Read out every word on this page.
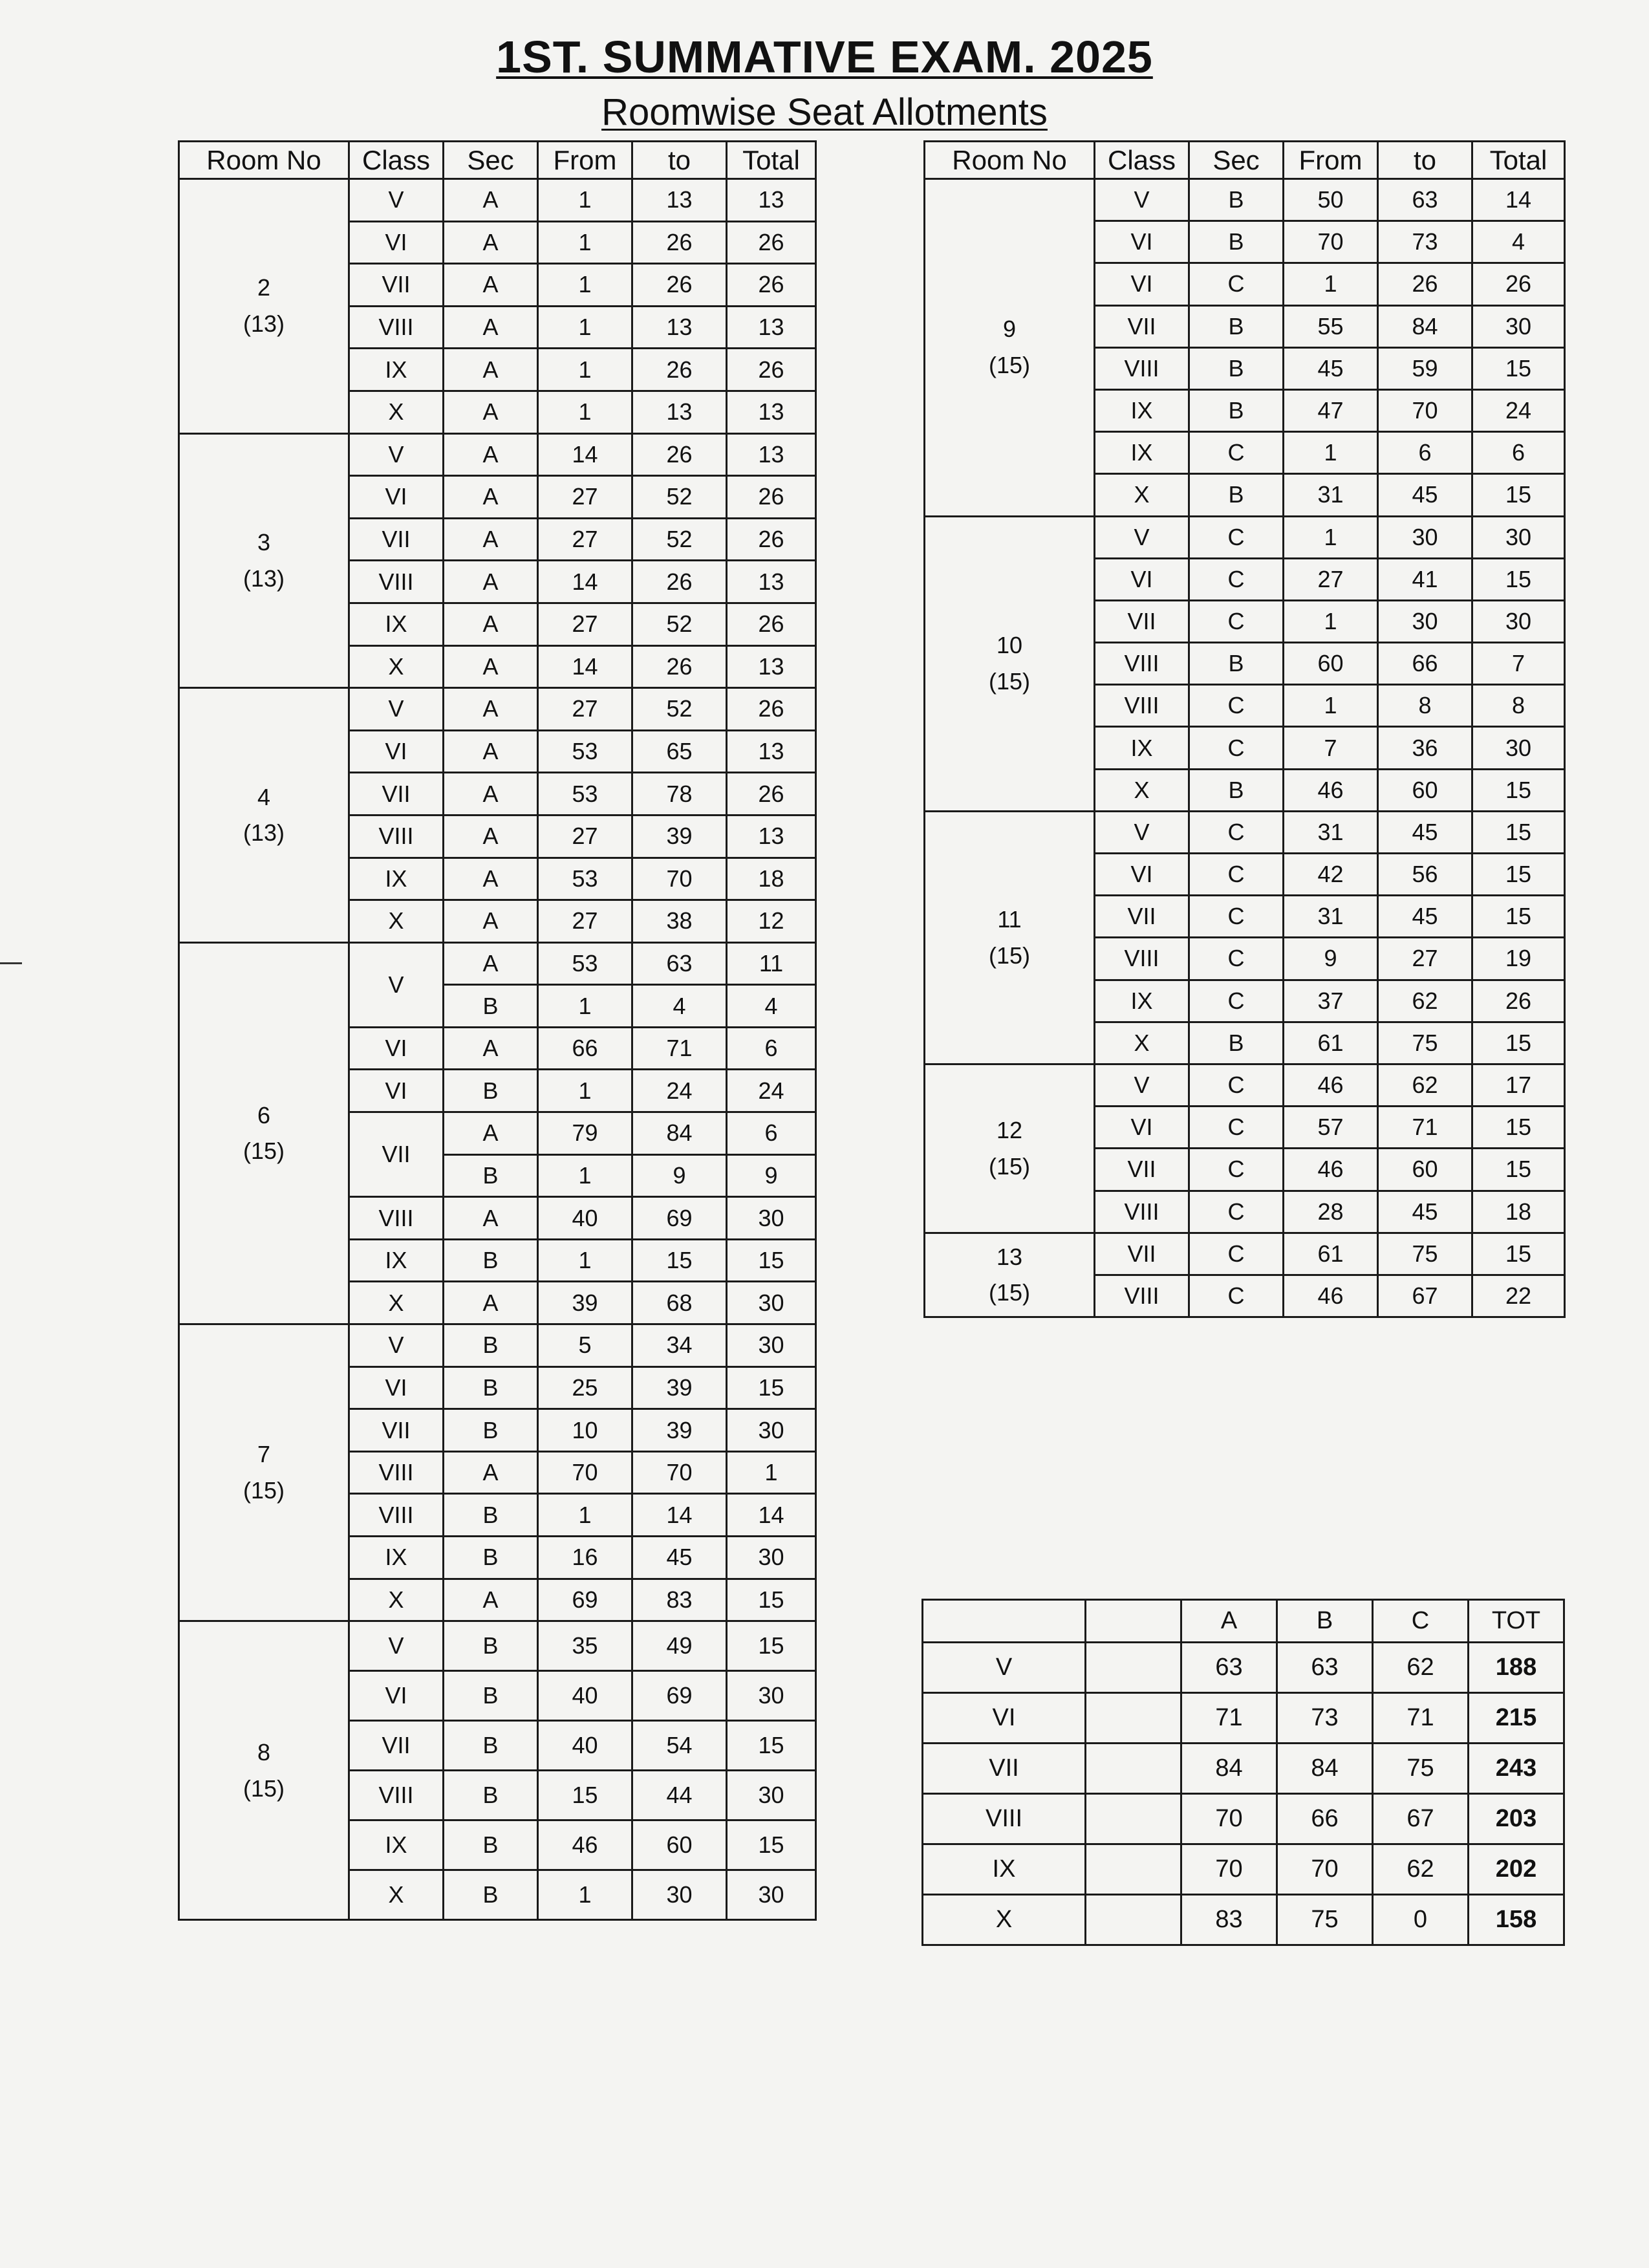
1ST. SUMMATIVE EXAM. 2025
Roomwise Seat Allotments
Room No	Class	Sec	From	to	Total

2
(13)	V	A	1	13	13
	VI	A	1	26	26
	VII	A	1	26	26
	VIII	A	1	13	13
	IX	A	1	26	26
	X	A	1	13	13

3
(13)	V	A	14	26	13
	VI	A	27	52	26
	VII	A	27	52	26
	VIII	A	14	26	13
	IX	A	27	52	26
	X	A	14	26	13

4
(13)	V	A	27	52	26
	VI	A	53	65	13
	VII	A	53	78	26
	VIII	A	27	39	13
	IX	A	53	70	18
	X	A	27	38	12

6
(15)	V	A	53	63	11
		B	1	4	4
	VI	A	66	71	6
	VI	B	1	24	24
	VII	A	79	84	6
		B	1	9	9
	VIII	A	40	69	30
	IX	B	1	15	15
	X	A	39	68	30

7
(15)	V	B	5	34	30
	VI	B	25	39	15
	VII	B	10	39	30
	VIII	A	70	70	1
	VIII	B	1	14	14
	IX	B	16	45	30
	X	A	69	83	15

8
(15)	V	B	35	49	15
	VI	B	40	69	30
	VII	B	40	54	15
	VIII	B	15	44	30
	IX	B	46	60	15
	X	B	1	30	30
Room No	Class	Sec	From	to	Total

9
(15)	V	B	50	63	14
	VI	B	70	73	4
	VI	C	1	26	26
	VII	B	55	84	30
	VIII	B	45	59	15
	IX	B	47	70	24
	IX	C	1	6	6
	X	B	31	45	15

10
(15)	V	C	1	30	30
	VI	C	27	41	15
	VII	C	1	30	30
	VIII	B	60	66	7
	VIII	C	1	8	8
	IX	C	7	36	30
	X	B	46	60	15

11
(15)	V	C	31	45	15
	VI	C	42	56	15
	VII	C	31	45	15
	VIII	C	9	27	19
	IX	C	37	62	26
	X	B	61	75	15

12
(15)	V	C	46	62	17
	VI	C	57	71	15
	VII	C	46	60	15
	VIII	C	28	45	18

13
(15)	VII	C	61	75	15
	VIII	C	46	67	22
		A	B	C	TOT
V		63	63	62	188
VI		71	73	71	215
VII		84	84	75	243
VIII		70	66	67	203
IX		70	70	62	202
X		83	75	0	158
